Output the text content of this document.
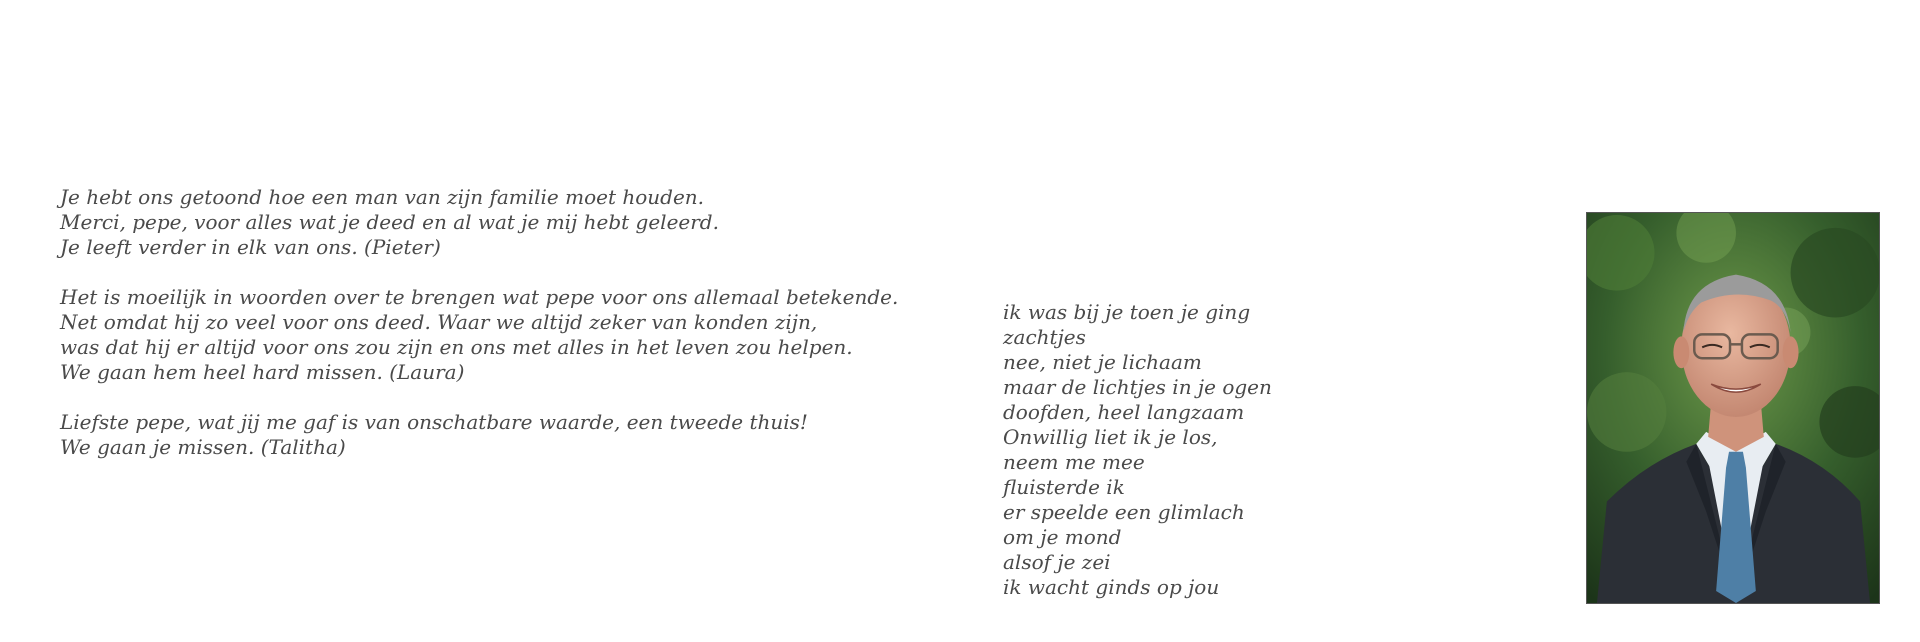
Je hebt ons getoond hoe een man van zijn familie moet houden.
Merci, pepe, voor alles wat je deed en al wat je mij hebt geleerd.
Je leeft verder in elk van ons. (Pieter)
Het is moeilijk in woorden over te brengen wat pepe voor ons allemaal betekende.
Net omdat hij zo veel voor ons deed. Waar we altijd zeker van konden zijn,
was dat hij er altijd voor ons zou zijn en ons met alles in het leven zou helpen.
We gaan hem heel hard missen. (Laura)
Liefste pepe, wat jij me gaf is van onschatbare waarde, een tweede thuis!
We gaan je missen. (Talitha)
ik was bij je toen je ging
zachtjes
nee, niet je lichaam
maar de lichtjes in je ogen
doofden, heel langzaam
Onwillig liet ik je los,
neem me mee
fluisterde ik
er speelde een glimlach
om je mond
alsof je zei
ik wacht ginds op jou
